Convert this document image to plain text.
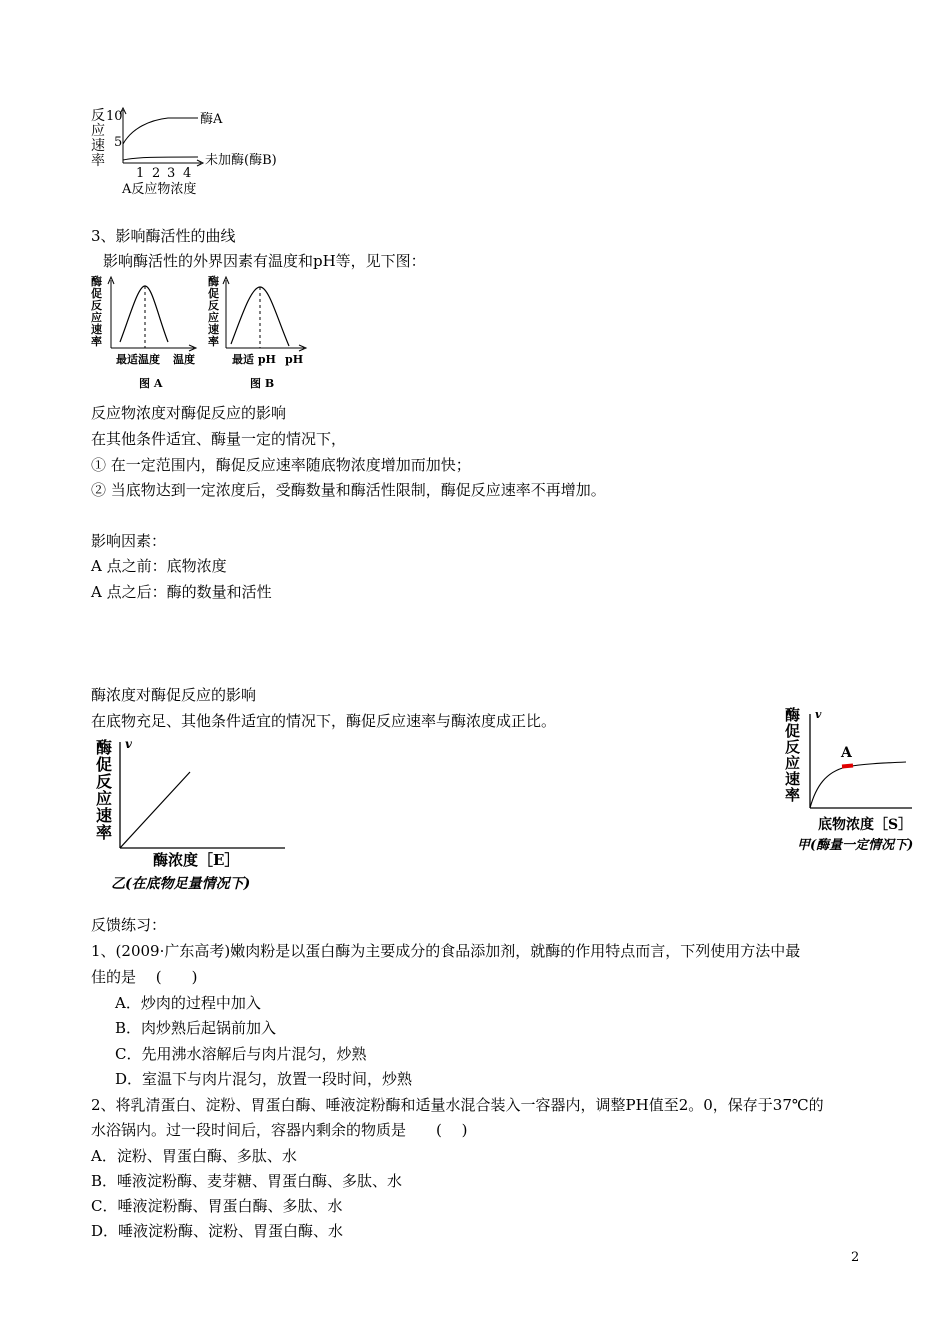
反
应
速
率
10
5
酶A
未加酶(酶B)
1 2 3 4
A反应物浓度
3、影响酶活性的曲线
影响酶活性的外界因素有温度和pH等，见下图：
酶
促
反
应
速
率
最适温度 温度
图 A
酶
促
反
应
速
率
最适 pH pH
图 B
反应物浓度对酶促反应的影响
在其他条件适宜、酶量一定的情况下，
① 在一定范围内，酶促反应速率随底物浓度增加而加快；
② 当底物达到一定浓度后，受酶数量和酶活性限制，酶促反应速率不再增加。
影响因素：
A 点之前：底物浓度
A 点之后：酶的数量和活性
酶浓度对酶促反应的影响
在底物充足、其他条件适宜的情况下，酶促反应速率与酶浓度成正比。
酶
促
反
应
速
率
v
酶浓度［E］
乙(在底物足量情况下)
酶
促
反
应
速
率
v
A
底物浓度［S］
甲(酶量一定情况下)
反馈练习：
1、(2009·广东高考)嫩肉粉是以蛋白酶为主要成分的食品添加剂，就酶的作用特点而言，下列使用方法中最
佳的是　 (　　)
A．炒肉的过程中加入
B．肉炒熟后起锅前加入
C．先用沸水溶解后与肉片混匀，炒熟
D．室温下与肉片混匀，放置一段时间，炒熟
2、将乳清蛋白、淀粉、胃蛋白酶、唾液淀粉酶和适量水混合装入一容器内，调整PH值至2。0，保存于37℃的
水浴锅内。过一段时间后，容器内剩余的物质是　　(　 )
A．淀粉、胃蛋白酶、多肽、水
B．唾液淀粉酶、麦芽糖、胃蛋白酶、多肽、水
C．唾液淀粉酶、胃蛋白酶、多肽、水
D．唾液淀粉酶、淀粉、胃蛋白酶、水
2
